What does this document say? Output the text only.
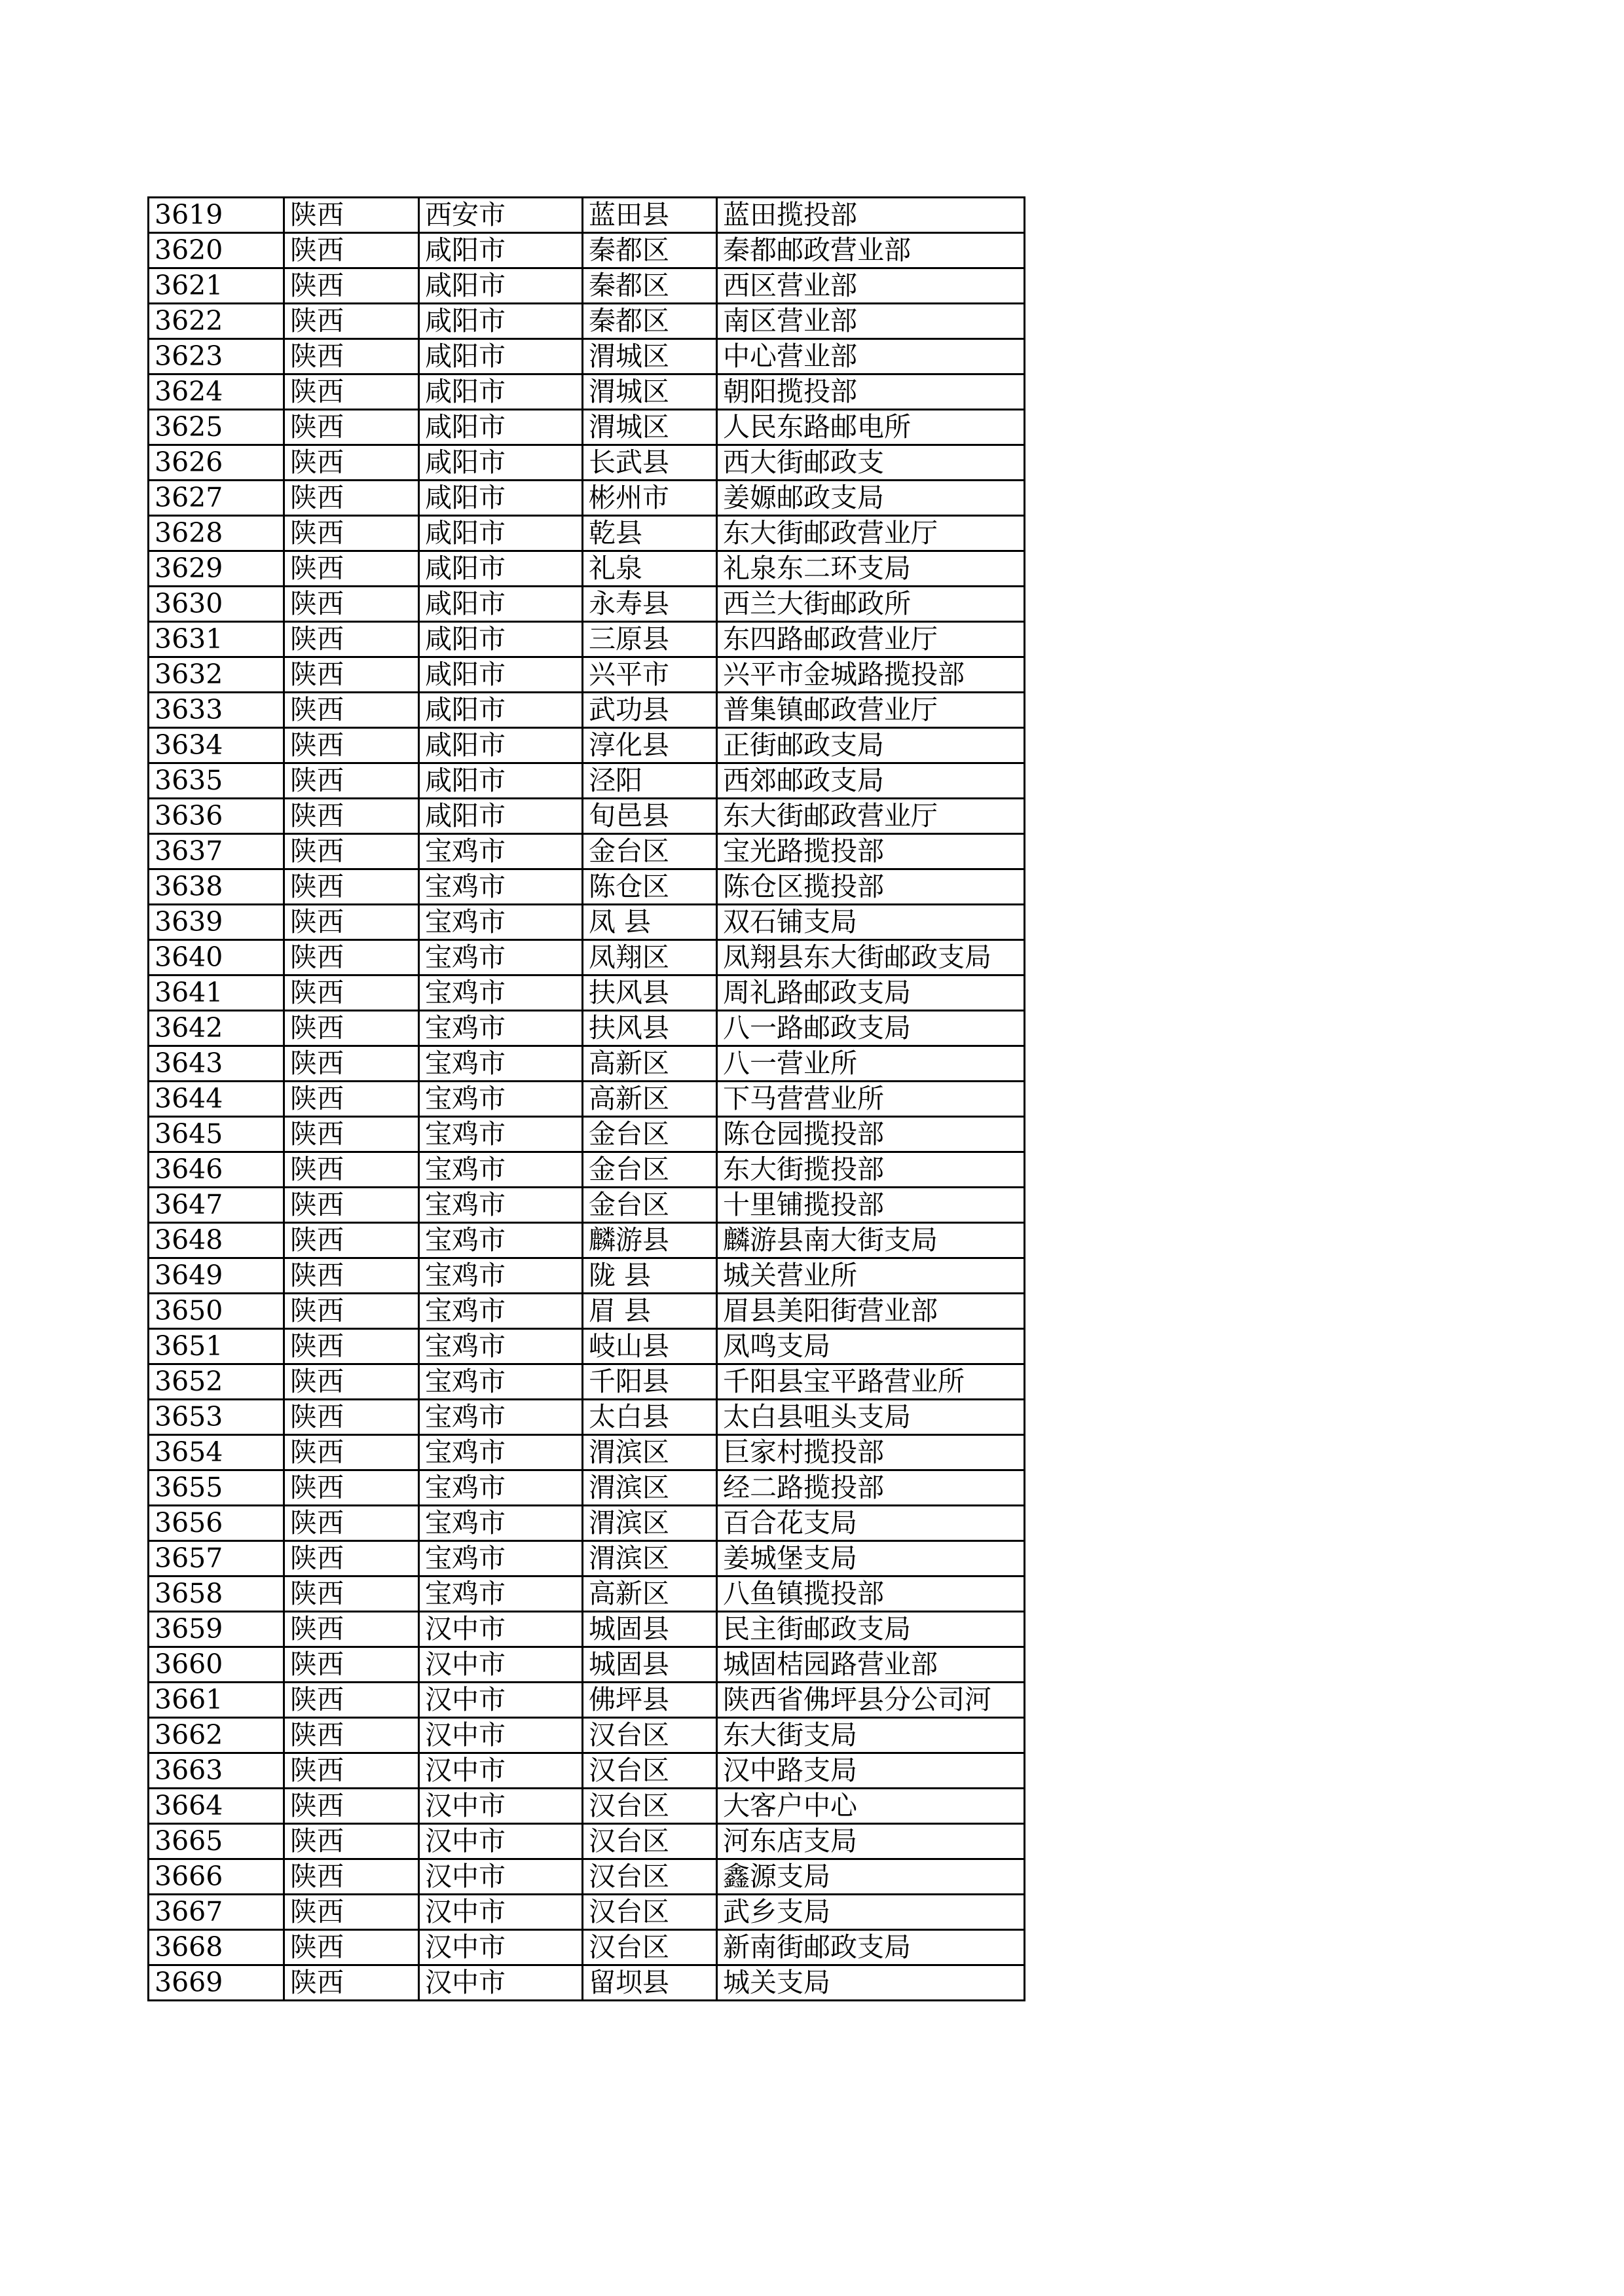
3619	陕西	西安市	蓝田县	蓝田揽投部
3620	陕西	咸阳市	秦都区	秦都邮政营业部
3621	陕西	咸阳市	秦都区	西区营业部
3622	陕西	咸阳市	秦都区	南区营业部
3623	陕西	咸阳市	渭城区	中心营业部
3624	陕西	咸阳市	渭城区	朝阳揽投部
3625	陕西	咸阳市	渭城区	人民东路邮电所
3626	陕西	咸阳市	长武县	西大街邮政支
3627	陕西	咸阳市	彬州市	姜嫄邮政支局
3628	陕西	咸阳市	乾县	东大街邮政营业厅
3629	陕西	咸阳市	礼泉	礼泉东二环支局
3630	陕西	咸阳市	永寿县	西兰大街邮政所
3631	陕西	咸阳市	三原县	东四路邮政营业厅
3632	陕西	咸阳市	兴平市	兴平市金城路揽投部
3633	陕西	咸阳市	武功县	普集镇邮政营业厅
3634	陕西	咸阳市	淳化县	正街邮政支局
3635	陕西	咸阳市	泾阳	西郊邮政支局
3636	陕西	咸阳市	旬邑县	东大街邮政营业厅
3637	陕西	宝鸡市	金台区	宝光路揽投部
3638	陕西	宝鸡市	陈仓区	陈仓区揽投部
3639	陕西	宝鸡市	凤 县	双石铺支局
3640	陕西	宝鸡市	凤翔区	凤翔县东大街邮政支局
3641	陕西	宝鸡市	扶风县	周礼路邮政支局
3642	陕西	宝鸡市	扶风县	八一路邮政支局
3643	陕西	宝鸡市	高新区	八一营业所
3644	陕西	宝鸡市	高新区	下马营营业所
3645	陕西	宝鸡市	金台区	陈仓园揽投部
3646	陕西	宝鸡市	金台区	东大街揽投部
3647	陕西	宝鸡市	金台区	十里铺揽投部
3648	陕西	宝鸡市	麟游县	麟游县南大街支局
3649	陕西	宝鸡市	陇 县	城关营业所
3650	陕西	宝鸡市	眉 县	眉县美阳街营业部
3651	陕西	宝鸡市	岐山县	凤鸣支局
3652	陕西	宝鸡市	千阳县	千阳县宝平路营业所
3653	陕西	宝鸡市	太白县	太白县咀头支局
3654	陕西	宝鸡市	渭滨区	巨家村揽投部
3655	陕西	宝鸡市	渭滨区	经二路揽投部
3656	陕西	宝鸡市	渭滨区	百合花支局
3657	陕西	宝鸡市	渭滨区	姜城堡支局
3658	陕西	宝鸡市	高新区	八鱼镇揽投部
3659	陕西	汉中市	城固县	民主街邮政支局
3660	陕西	汉中市	城固县	城固桔园路营业部
3661	陕西	汉中市	佛坪县	陕西省佛坪县分公司河
3662	陕西	汉中市	汉台区	东大街支局
3663	陕西	汉中市	汉台区	汉中路支局
3664	陕西	汉中市	汉台区	大客户中心
3665	陕西	汉中市	汉台区	河东店支局
3666	陕西	汉中市	汉台区	鑫源支局
3667	陕西	汉中市	汉台区	武乡支局
3668	陕西	汉中市	汉台区	新南街邮政支局
3669	陕西	汉中市	留坝县	城关支局
